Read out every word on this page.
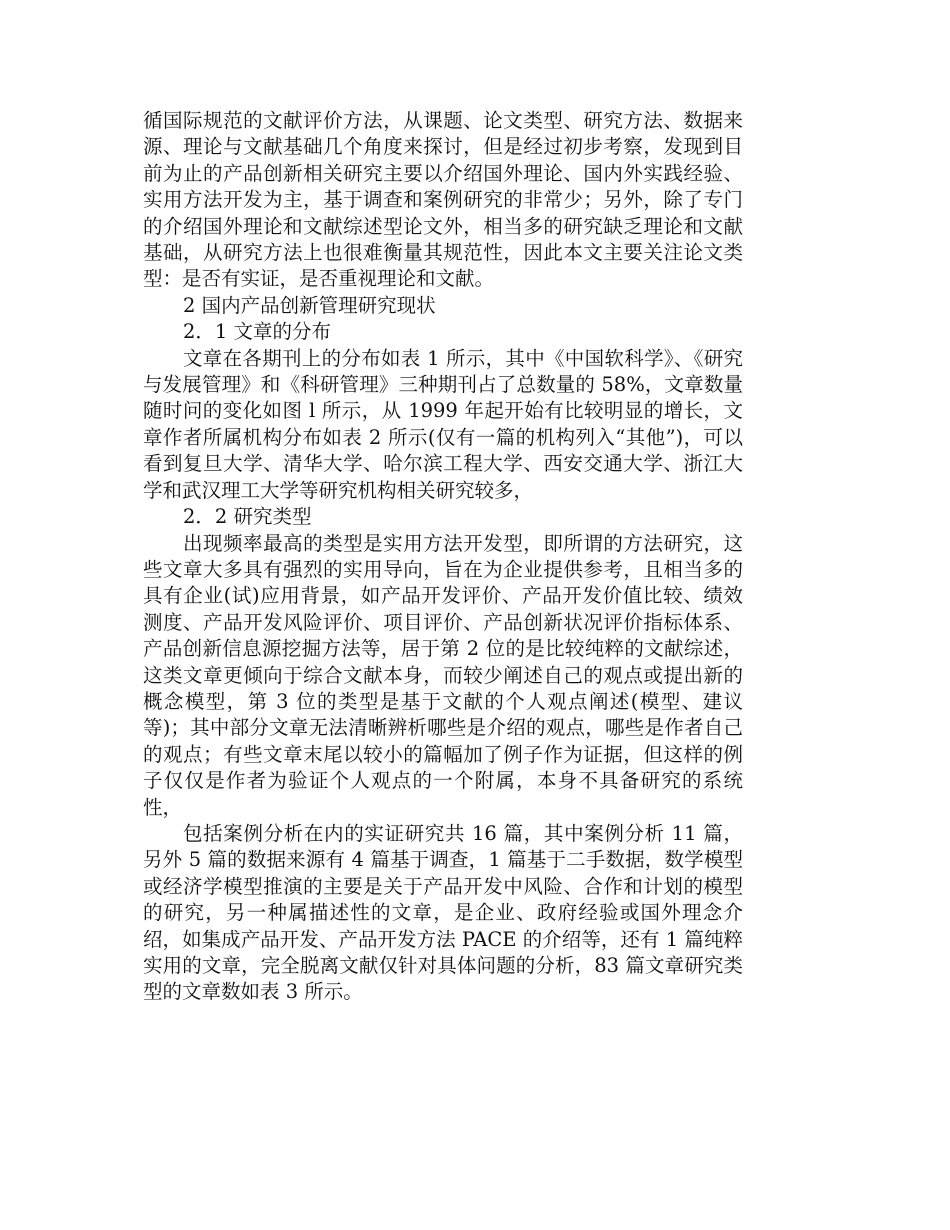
循国际规范的文献评价方法，从课题、论文类型、研究方法、数据来源、理论与文献基础几个角度来探讨，但是经过初步考察，发现到目前为止的产品创新相关研究主要以介绍国外理论、国内外实践经验、实用方法开发为主，基于调查和案例研究的非常少；另外，除了专门的介绍国外理论和文献综述型论文外，相当多的研究缺乏理论和文献基础，从研究方法上也很难衡量其规范性，因此本文主要关注论文类型：是否有实证，是否重视理论和文献。

2 国内产品创新管理研究现状

2．1 文章的分布

文章在各期刊上的分布如表 1 所示，其中《中国软科学》、《研究与发展管理》和《科研管理》三种期刊占了总数量的 58%，文章数量随时问的变化如图 l 所示，从 1999 年起开始有比较明显的增长，文章作者所属机构分布如表 2 所示(仅有一篇的机构列入“其他”)，可以看到复旦大学、清华大学、哈尔滨工程大学、西安交通大学、浙江大学和武汉理工大学等研究机构相关研究较多，

2．2 研究类型

出现频率最高的类型是实用方法开发型，即所谓的方法研究，这些文章大多具有强烈的实用导向，旨在为企业提供参考，且相当多的具有企业(试)应用背景，如产品开发评价、产品开发价值比较、绩效测度、产品开发风险评价、项目评价、产品创新状况评价指标体系、产品创新信息源挖掘方法等，居于第 2 位的是比较纯粹的文献综述，这类文章更倾向于综合文献本身，而较少阐述自己的观点或提出新的概念模型，第 3 位的类型是基于文献的个人观点阐述(模型、建议等)；其中部分文章无法清晰辨析哪些是介绍的观点，哪些是作者自己的观点；有些文章末尾以较小的篇幅加了例子作为证据，但这样的例子仅仅是作者为验证个人观点的一个附属，本身不具备研究的系统性，

包括案例分析在内的实证研究共 16 篇，其中案例分析 11 篇，另外 5 篇的数据来源有 4 篇基于调查，1 篇基于二手数据，数学模型或经济学模型推演的主要是关于产品开发中风险、合作和计划的模型的研究，另一种属描述性的文章，是企业、政府经验或国外理念介绍，如集成产品开发、产品开发方法 PACE 的介绍等，还有 1 篇纯粹实用的文章，完全脱离文献仅针对具体问题的分析，83 篇文章研究类型的文章数如表 3 所示。
